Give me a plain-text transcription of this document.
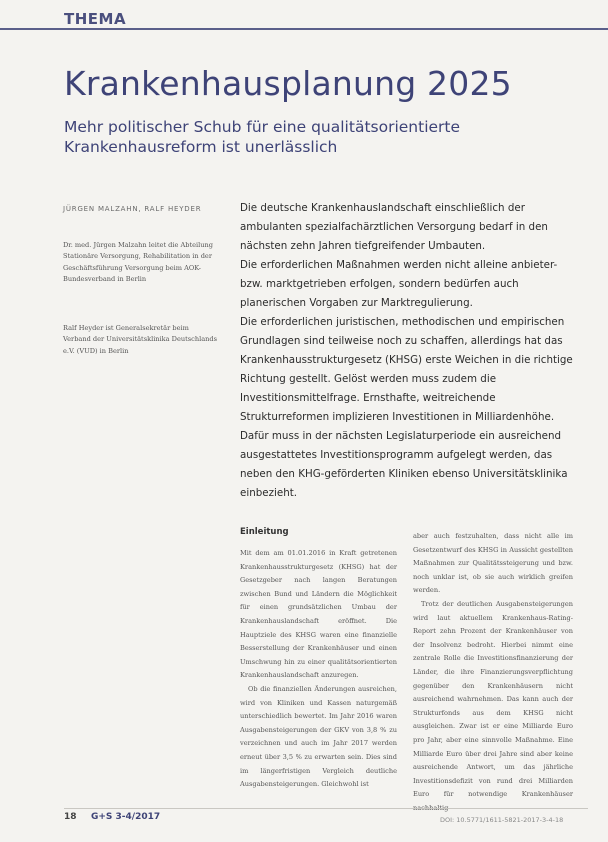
THEMA
Krankenhausplanung 2025
Mehr politischer Schub für eine qualitätsorientierte Krankenhausreform ist unerlässlich
JÜRGEN MALZAHN, RALF HEYDER
Dr. med. Jürgen Malzahn leitet die Abteilung Stationäre Versorgung, Rehabilitation in der Geschäftsführung Versorgung beim AOK-Bundesverband in Berlin
Ralf Heyder ist Generalsekretär beim Verband der Universitätsklinika Deutschlands e.V. (VUD) in Berlin

Die deutsche Krankenhauslandschaft einschließlich der ambulanten spezialfachärztlichen Versorgung bedarf in den nächsten zehn Jahren tiefgreifender Umbauten.

Die erforderlichen Maßnahmen werden nicht alleine anbieter- bzw. marktgetrieben erfolgen, sondern bedürfen auch planerischen Vorgaben zur Marktregulierung.

Die erforderlichen juristischen, methodischen und empirischen Grundlagen sind teilweise noch zu schaffen, allerdings hat das Krankenhausstrukturgesetz (KHSG) erste Weichen in die richtige Richtung gestellt. Gelöst werden muss zudem die Investitionsmittelfrage. Ernsthafte, weitreichende Strukturreformen implizieren Investitionen in Milliardenhöhe.

Dafür muss in der nächsten Legislaturperiode ein ausreichend ausgestattetes Investitionsprogramm aufgelegt werden, das neben den KHG-geförderten Kliniken ebenso Universitätsklinika einbezieht.

Einleitung

Mit dem am 01.01.2016 in Kraft getretenen Krankenhausstrukturgesetz (KHSG) hat der Gesetzgeber nach langen Beratungen zwischen Bund und Ländern die Möglichkeit für einen grundsätzlichen Umbau der Krankenhauslandschaft eröffnet. Die Hauptziele des KHSG waren eine finanzielle Besserstellung der Krankenhäuser und einen Umschwung hin zu einer qualitätsorientierten Krankenhauslandschaft anzuregen.

Ob die finanziellen Änderungen ausreichen, wird von Kliniken und Kassen naturgemäß unterschiedlich bewertet. Im Jahr 2016 waren Ausgabensteigerungen der GKV von 3,8 % zu verzeichnen und auch im Jahr 2017 werden erneut über 3,5 % zu erwarten sein. Dies sind im längerfristigen Vergleich deutliche Ausgabensteigerungen. Gleichwohl ist

aber auch festzuhalten, dass nicht alle im Gesetzentwurf des KHSG in Aussicht gestellten Maßnahmen zur Qualitätssteigerung und bzw. noch unklar ist, ob sie auch wirklich greifen werden.

Trotz der deutlichen Ausgabensteigerungen wird laut aktuellem Krankenhaus-Rating-Report zehn Prozent der Krankenhäuser von der Insolvenz bedroht. Hierbei nimmt eine zentrale Rolle die Investitionsfinanzierung der Länder, die ihre Finanzierungsverpflichtung gegenüber den Krankenhäusern nicht ausreichend wahrnehmen. Das kann auch der Strukturfonds aus dem KHSG nicht ausgleichen. Zwar ist er eine Milliarde Euro pro Jahr, aber eine sinnvolle Maßnahme. Eine Milliarde Euro über drei Jahre sind aber keine ausreichende Antwort, um das jährliche Investitionsdefizit von rund drei Milliarden Euro für notwendige Krankenhäuser

18 G+S 3-4/2017	DOI: 10.5771/1611-5821-2017-3-4-18
